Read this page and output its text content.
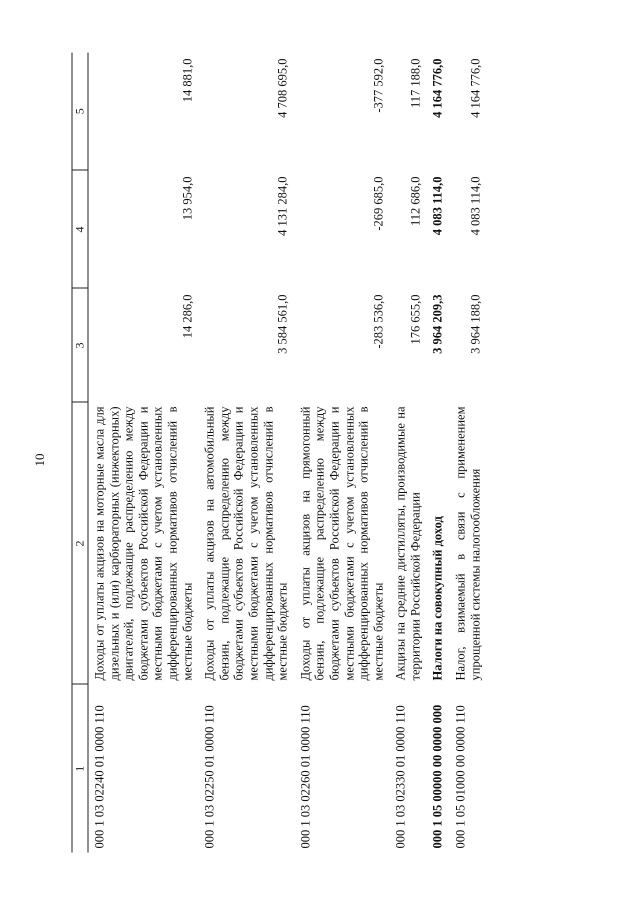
10
1	2	3	4	5
000 1 03 02240 01 0000 110	Доходы от уплаты акцизов на моторные масла для дизельных и (или) карбюраторных (инжекторных) двигателей, подлежащие распределению между бюджетами субъектов Российской Федерации и местными бюджетами с учетом установленных дифференцированных нормативов отчислений в местные бюджеты	14 286,0	13 954,0	14 881,0
000 1 03 02250 01 0000 110	Доходы от уплаты акцизов на автомобильный бензин, подлежащие распределению между бюджетами субъектов Российской Федерации и местными бюджетами с учетом установленных дифференцированных нормативов отчислений в местные бюджеты	3 584 561,0	4 131 284,0	4 708 695,0
000 1 03 02260 01 0000 110	Доходы от уплаты акцизов на прямогонный бензин, подлежащие распределению между бюджетами субъектов Российской Федерации и местными бюджетами с учетом установленных дифференцированных нормативов отчислений в местные бюджеты	-283 536,0	-269 685,0	-377 592,0
000 1 03 02330 01 0000 110	Акцизы на средние дистилляты, производимые на территории Российской Федерации	176 655,0	112 686,0	117 188,0
000 1 05 00000 00 0000 000	Налоги на совокупный доход	3 964 209,3	4 083 114,0	4 164 776,0
000 1 05 01000 00 0000 110	Налог, взимаемый в связи с применением упрощенной системы налогообложения	3 964 188,0	4 083 114,0	4 164 776,0
